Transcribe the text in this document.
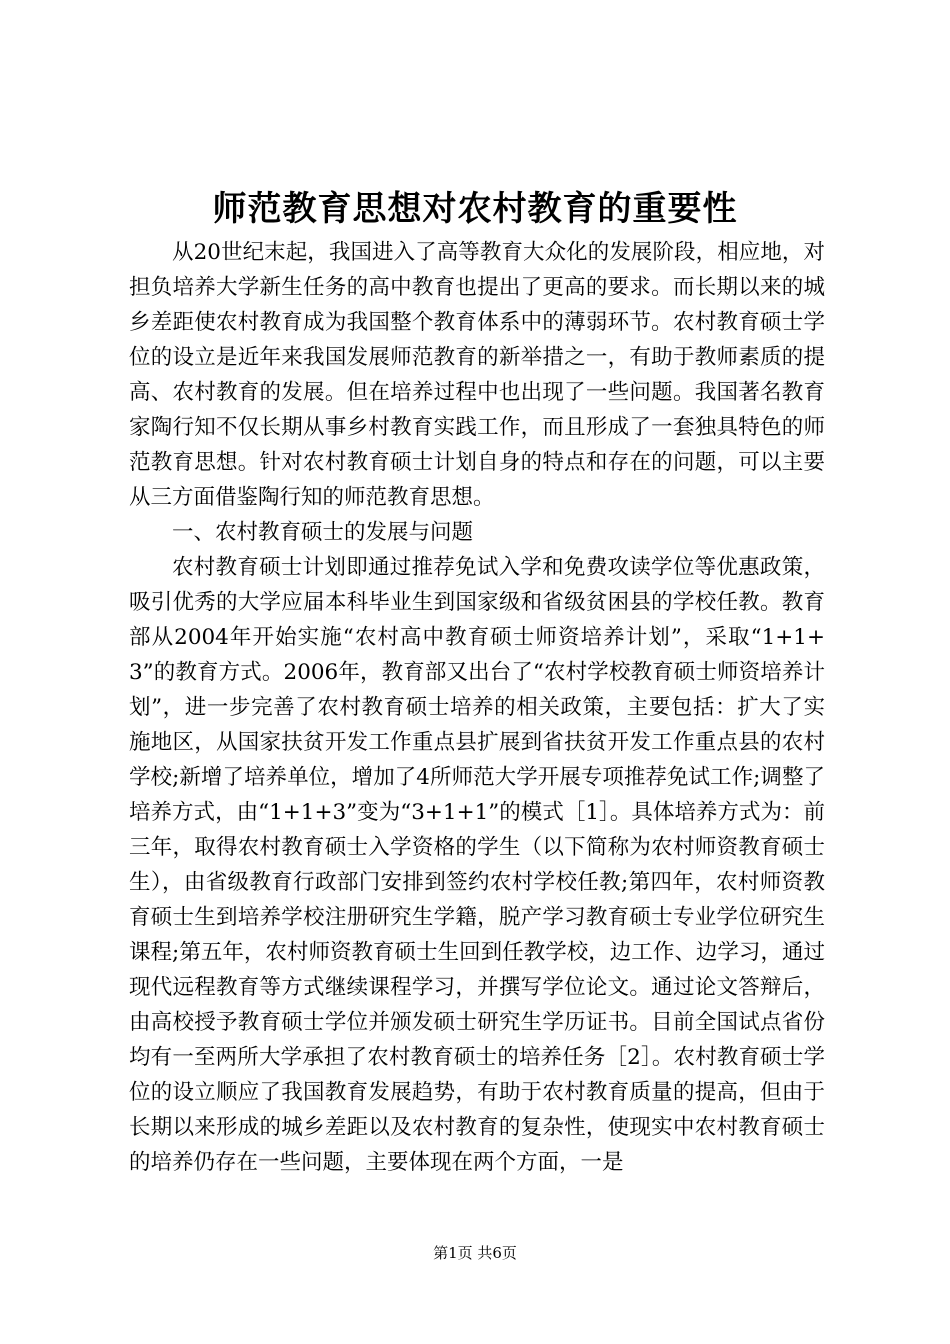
师范教育思想对农村教育的重要性

从20世纪末起，我国进入了高等教育大众化的发展阶段，相应地，对担负培养大学新生任务的高中教育也提出了更高的要求。而长期以来的城乡差距使农村教育成为我国整个教育体系中的薄弱环节。农村教育硕士学位的设立是近年来我国发展师范教育的新举措之一，有助于教师素质的提高、农村教育的发展。但在培养过程中也出现了一些问题。我国著名教育家陶行知不仅长期从事乡村教育实践工作，而且形成了一套独具特色的师范教育思想。针对农村教育硕士计划自身的特点和存在的问题，可以主要从三方面借鉴陶行知的师范教育思想。

一、农村教育硕士的发展与问题

农村教育硕士计划即通过推荐免试入学和免费攻读学位等优惠政策，吸引优秀的大学应届本科毕业生到国家级和省级贫困县的学校任教。教育部从2004年开始实施“农村高中教育硕士师资培养计划”，采取“1+1+3”的教育方式。2006年，教育部又出台了“农村学校教育硕士师资培养计划”，进一步完善了农村教育硕士培养的相关政策，主要包括：扩大了实施地区，从国家扶贫开发工作重点县扩展到省扶贫开发工作重点县的农村学校;新增了培养单位，增加了4所师范大学开展专项推荐免试工作;调整了培养方式，由“1+1+3”变为“3+1+1”的模式［1］。具体培养方式为：前三年，取得农村教育硕士入学资格的学生（以下简称为农村师资教育硕士生），由省级教育行政部门安排到签约农村学校任教;第四年，农村师资教育硕士生到培养学校注册研究生学籍，脱产学习教育硕士专业学位研究生课程;第五年，农村师资教育硕士生回到任教学校，边工作、边学习，通过现代远程教育等方式继续课程学习，并撰写学位论文。通过论文答辩后，由高校授予教育硕士学位并颁发硕士研究生学历证书。目前全国试点省份均有一至两所大学承担了农村教育硕士的培养任务［2］。农村教育硕士学位的设立顺应了我国教育发展趋势，有助于农村教育质量的提高，但由于长期以来形成的城乡差距以及农村教育的复杂性，使现实中农村教育硕士的培养仍存在一些问题，主要体现在两个方面，一是

第1页 共6页
